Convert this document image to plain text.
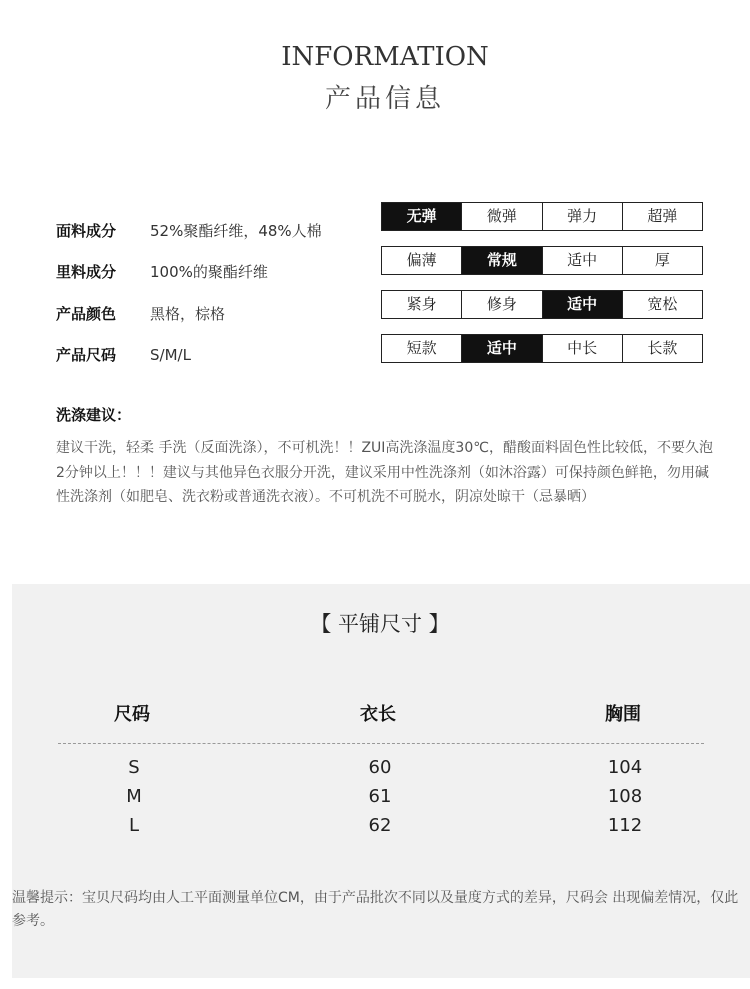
INFORMATION
产品信息
面料成分 52%聚酯纤维，48%人棉
里料成分 100%的聚酯纤维
产品颜色 黑格，棕格
产品尺码 S/M/L
无弹	微弹	弹力	超弹
偏薄	常规	适中	厚
紧身	修身	适中	宽松
短款	适中	中长	长款
洗涤建议：
建议干洗，轻柔 手洗（反面洗涤），不可机洗！！ZUI高洗涤温度30℃，醋酸面料固色性比较低，不要久泡2分钟以上！！！建议与其他异色衣服分开洗，建议采用中性洗涤剂（如沐浴露）可保持颜色鲜艳，勿用碱性洗涤剂（如肥皂、洗衣粉或普通洗衣液）。不可机洗不可脱水，阴凉处晾干（忌暴晒）
【 平铺尺寸 】
尺码	衣长	胸围
S	60	104
M	61	108
L	62	112
温馨提示：宝贝尺码均由人工平面测量单位CM，由于产品批次不同以及量度方式的差异，尺码会 出现偏差情况，仅此参考。
